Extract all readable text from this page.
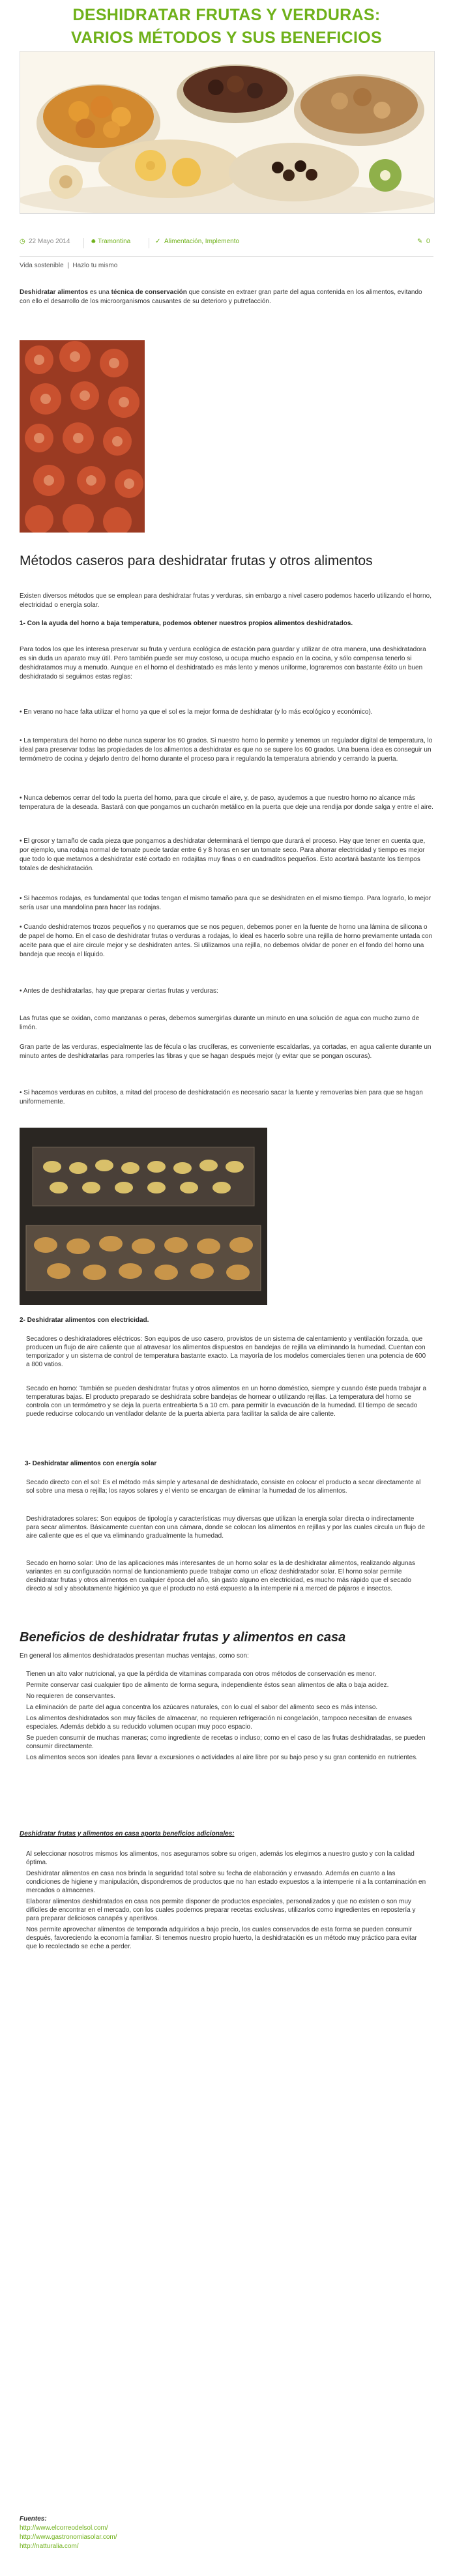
DESHIDRATAR FRUTAS Y VERDURAS:
VARIOS MÉTODOS Y SUS BENEFICIOS
◷ 22 Mayo 2014	☻ Tramontina	✓ Alimentación, Implemento	✎ 0
Vida sostenible  |  Hazlo tu mismo

Deshidratar alimentos es una técnica de conservación que consiste en extraer gran parte del agua contenida en los alimentos, evitando con ello el desarrollo de los microorganismos causantes de su deterioro y putrefacción.

Métodos caseros para deshidratar frutas y otros alimentos
Existen diversos métodos que se emplean para deshidratar frutas y verduras, sin embargo a nivel casero podemos hacerlo utilizando el horno, electricidad o energía solar.
1- Con la ayuda del horno a baja temperatura, podemos obtener nuestros propios alimentos deshidratados.
Para todos los que les interesa preservar su fruta y verdura ecológica de estación para guardar y utilizar de otra manera, una deshidratadora es sin duda un aparato muy útil. Pero también puede ser muy costoso, u ocupa mucho espacio en la cocina, y sólo compensa tenerlo si deshidratamos muy a menudo. Aunque en el horno el deshidratado es más lento y menos uniforme, lograremos con bastante éxito un buen deshidratado si seguimos estas reglas:
• En verano no hace falta utilizar el horno ya que el sol es la mejor forma de deshidratar (y lo más ecológico y económico).
• La temperatura del horno no debe nunca superar los 60 grados. Si nuestro horno lo permite y tenemos un regulador digital de temperatura, lo ideal para preservar todas las propiedades de los alimentos a deshidratar es que no se supere los 60 grados. Una buena idea es conseguir un termómetro de cocina y dejarlo dentro del horno durante el proceso para ir regulando la temperatura abriendo y cerrando la puerta.
• Nunca debemos cerrar del todo la puerta del horno, para que circule el aire, y, de paso, ayudemos a que nuestro horno no alcance más temperatura de la deseada. Bastará con que pongamos un cucharón metálico en la puerta que deje una rendija por donde salga y entre el aire.
• El grosor y tamaño de cada pieza que pongamos a deshidratar determinará el tiempo que durará el proceso. Hay que tener en cuenta que, por ejemplo, una rodaja normal de tomate puede tardar entre 6 y 8 horas en ser un tomate seco. Para ahorrar electricidad y tiempo es mejor que todo lo que metamos a deshidratar esté cortado en rodajitas muy finas o en cuadraditos pequeños. Esto acortará bastante los tiempos totales de deshidratación.
• Si hacemos rodajas, es fundamental que todas tengan el mismo tamaño para que se deshidraten en el mismo tiempo. Para lograrlo, lo mejor sería usar una mandolina para hacer las rodajas.
• Cuando deshidratemos trozos pequeños y no queramos que se nos peguen, debemos poner en la fuente de horno una lámina de silicona o de papel de horno. En el caso de deshidratar frutas o verduras a rodajas, lo ideal es hacerlo sobre una rejilla de horno previamente untada con aceite para que el aire circule mejor y se deshidraten antes. Si utilizamos una rejilla, no debemos olvidar de poner en el fondo del horno una bandeja que recoja el líquido.
• Antes de deshidratarlas, hay que preparar ciertas frutas y verduras:
Las frutas que se oxidan, como manzanas o peras, debemos sumergirlas durante un minuto en una solución de agua con mucho zumo de limón.
Gran parte de las verduras, especialmente las de fécula o las crucíferas, es conveniente escaldarlas, ya cortadas, en agua caliente durante un minuto antes de deshidratarlas para romperles las fibras y que se hagan después mejor (y evitar que se pongan oscuras).
• Si hacemos verduras en cubitos, a mitad del proceso de deshidratación es necesario sacar la fuente y removerlas bien para que se hagan uniformemente.
2- Deshidratar alimentos con electricidad.
Secadores o deshidratadores eléctricos: Son equipos de uso casero, provistos de un sistema de calentamiento y ventilación forzada, que producen un flujo de aire caliente que al atravesar los alimentos dispuestos en bandejas de rejilla va eliminando la humedad. Cuentan con temporizador y un sistema de control de temperatura bastante exacto. La mayoría de los modelos comerciales tienen una potencia de 600 a 800 vatios.
Secado en horno: También se pueden deshidratar frutas y otros alimentos en un horno doméstico, siempre y cuando éste pueda trabajar a temperaturas bajas. El producto preparado se deshidrata sobre bandejas de hornear o utilizando rejillas. La temperatura del horno se controla con un termómetro y se deja la puerta entreabierta 5 a 10 cm. para permitir la evacuación de la humedad. El tiempo de secado puede reducirse colocando un ventilador delante de la puerta abierta para facilitar la salida de aire caliente.
3- Deshidratar alimentos con energía solar
Secado directo con el sol: Es el método más simple y artesanal de deshidratado, consiste en colocar el producto a secar directamente al sol sobre una mesa o rejilla; los rayos solares y el viento se encargan de eliminar la humedad de los alimentos.
Deshidratadores solares: Son equipos de tipología y características muy diversas que utilizan la energía solar directa o indirectamente para secar alimentos. Básicamente cuentan con una cámara, donde se colocan los alimentos en rejillas y por las cuales circula un flujo de aire caliente que es el que va eliminando gradualmente la humedad.
Secado en horno solar: Uno de las aplicaciones más interesantes de un horno solar es la de deshidratar alimentos, realizando algunas variantes en su configuración normal de funcionamiento puede trabajar como un eficaz deshidratador solar. El horno solar permite deshidratar frutas y otros alimentos en cualquier época del año, sin gasto alguno en electricidad, es mucho más rápido que el secado directo al sol y absolutamente higiénico ya que el producto no está expuesto a la intemperie ni a merced de pájaros e insectos.
Beneficios de deshidratar frutas y alimentos en casa
En general los alimentos deshidratados presentan muchas ventajas, como son:

Tienen un alto valor nutricional, ya que la pérdida de vitaminas comparada con otros métodos de conservación es menor.

Permite conservar casi cualquier tipo de alimento de forma segura, independiente éstos sean alimentos de alta o baja acidez.

No requieren de conservantes.

La eliminación de parte del agua concentra los azúcares naturales, con lo cual el sabor del alimento seco es más intenso.

Los alimentos deshidratados son muy fáciles de almacenar, no requieren refrigeración ni congelación, tampoco necesitan de envases especiales. Además debido a su reducido volumen ocupan muy poco espacio.

Se pueden consumir de muchas maneras; como ingrediente de recetas o incluso; como en el caso de las frutas deshidratadas, se pueden consumir directamente.

Los alimentos secos son ideales para llevar a excursiones o actividades al aire libre por su bajo peso y su gran contenido en nutrientes.

Deshidratar frutas y alimentos en casa aporta beneficios adicionales:

Al seleccionar nosotros mismos los alimentos, nos aseguramos sobre su origen, además los elegimos a nuestro gusto y con la calidad óptima.

Deshidratar alimentos en casa nos brinda la seguridad total sobre su fecha de elaboración y envasado. Además en cuanto a las condiciones de higiene y manipulación, dispondremos de productos que no han estado expuestos a la intemperie ni a la contaminación en mercados o almacenes.

Elaborar alimentos deshidratados en casa nos permite disponer de productos especiales, personalizados y que no existen o son muy difíciles de encontrar en el mercado, con los cuales podemos preparar recetas exclusivas, utilizarlos como ingredientes en repostería y para preparar deliciosos canapés y aperitivos.

Nos permite aprovechar alimentos de temporada adquiridos a bajo precio, los cuales conservados de esta forma se pueden consumir después, favoreciendo la economía familiar. Si tenemos nuestro propio huerto, la deshidratación es un método muy práctico para evitar que lo recolectado se eche a perder.

Fuentes:

http://www.elcorreodelsol.com/

http://www.gastronomiasolar.com/

http://natturalia.com/
